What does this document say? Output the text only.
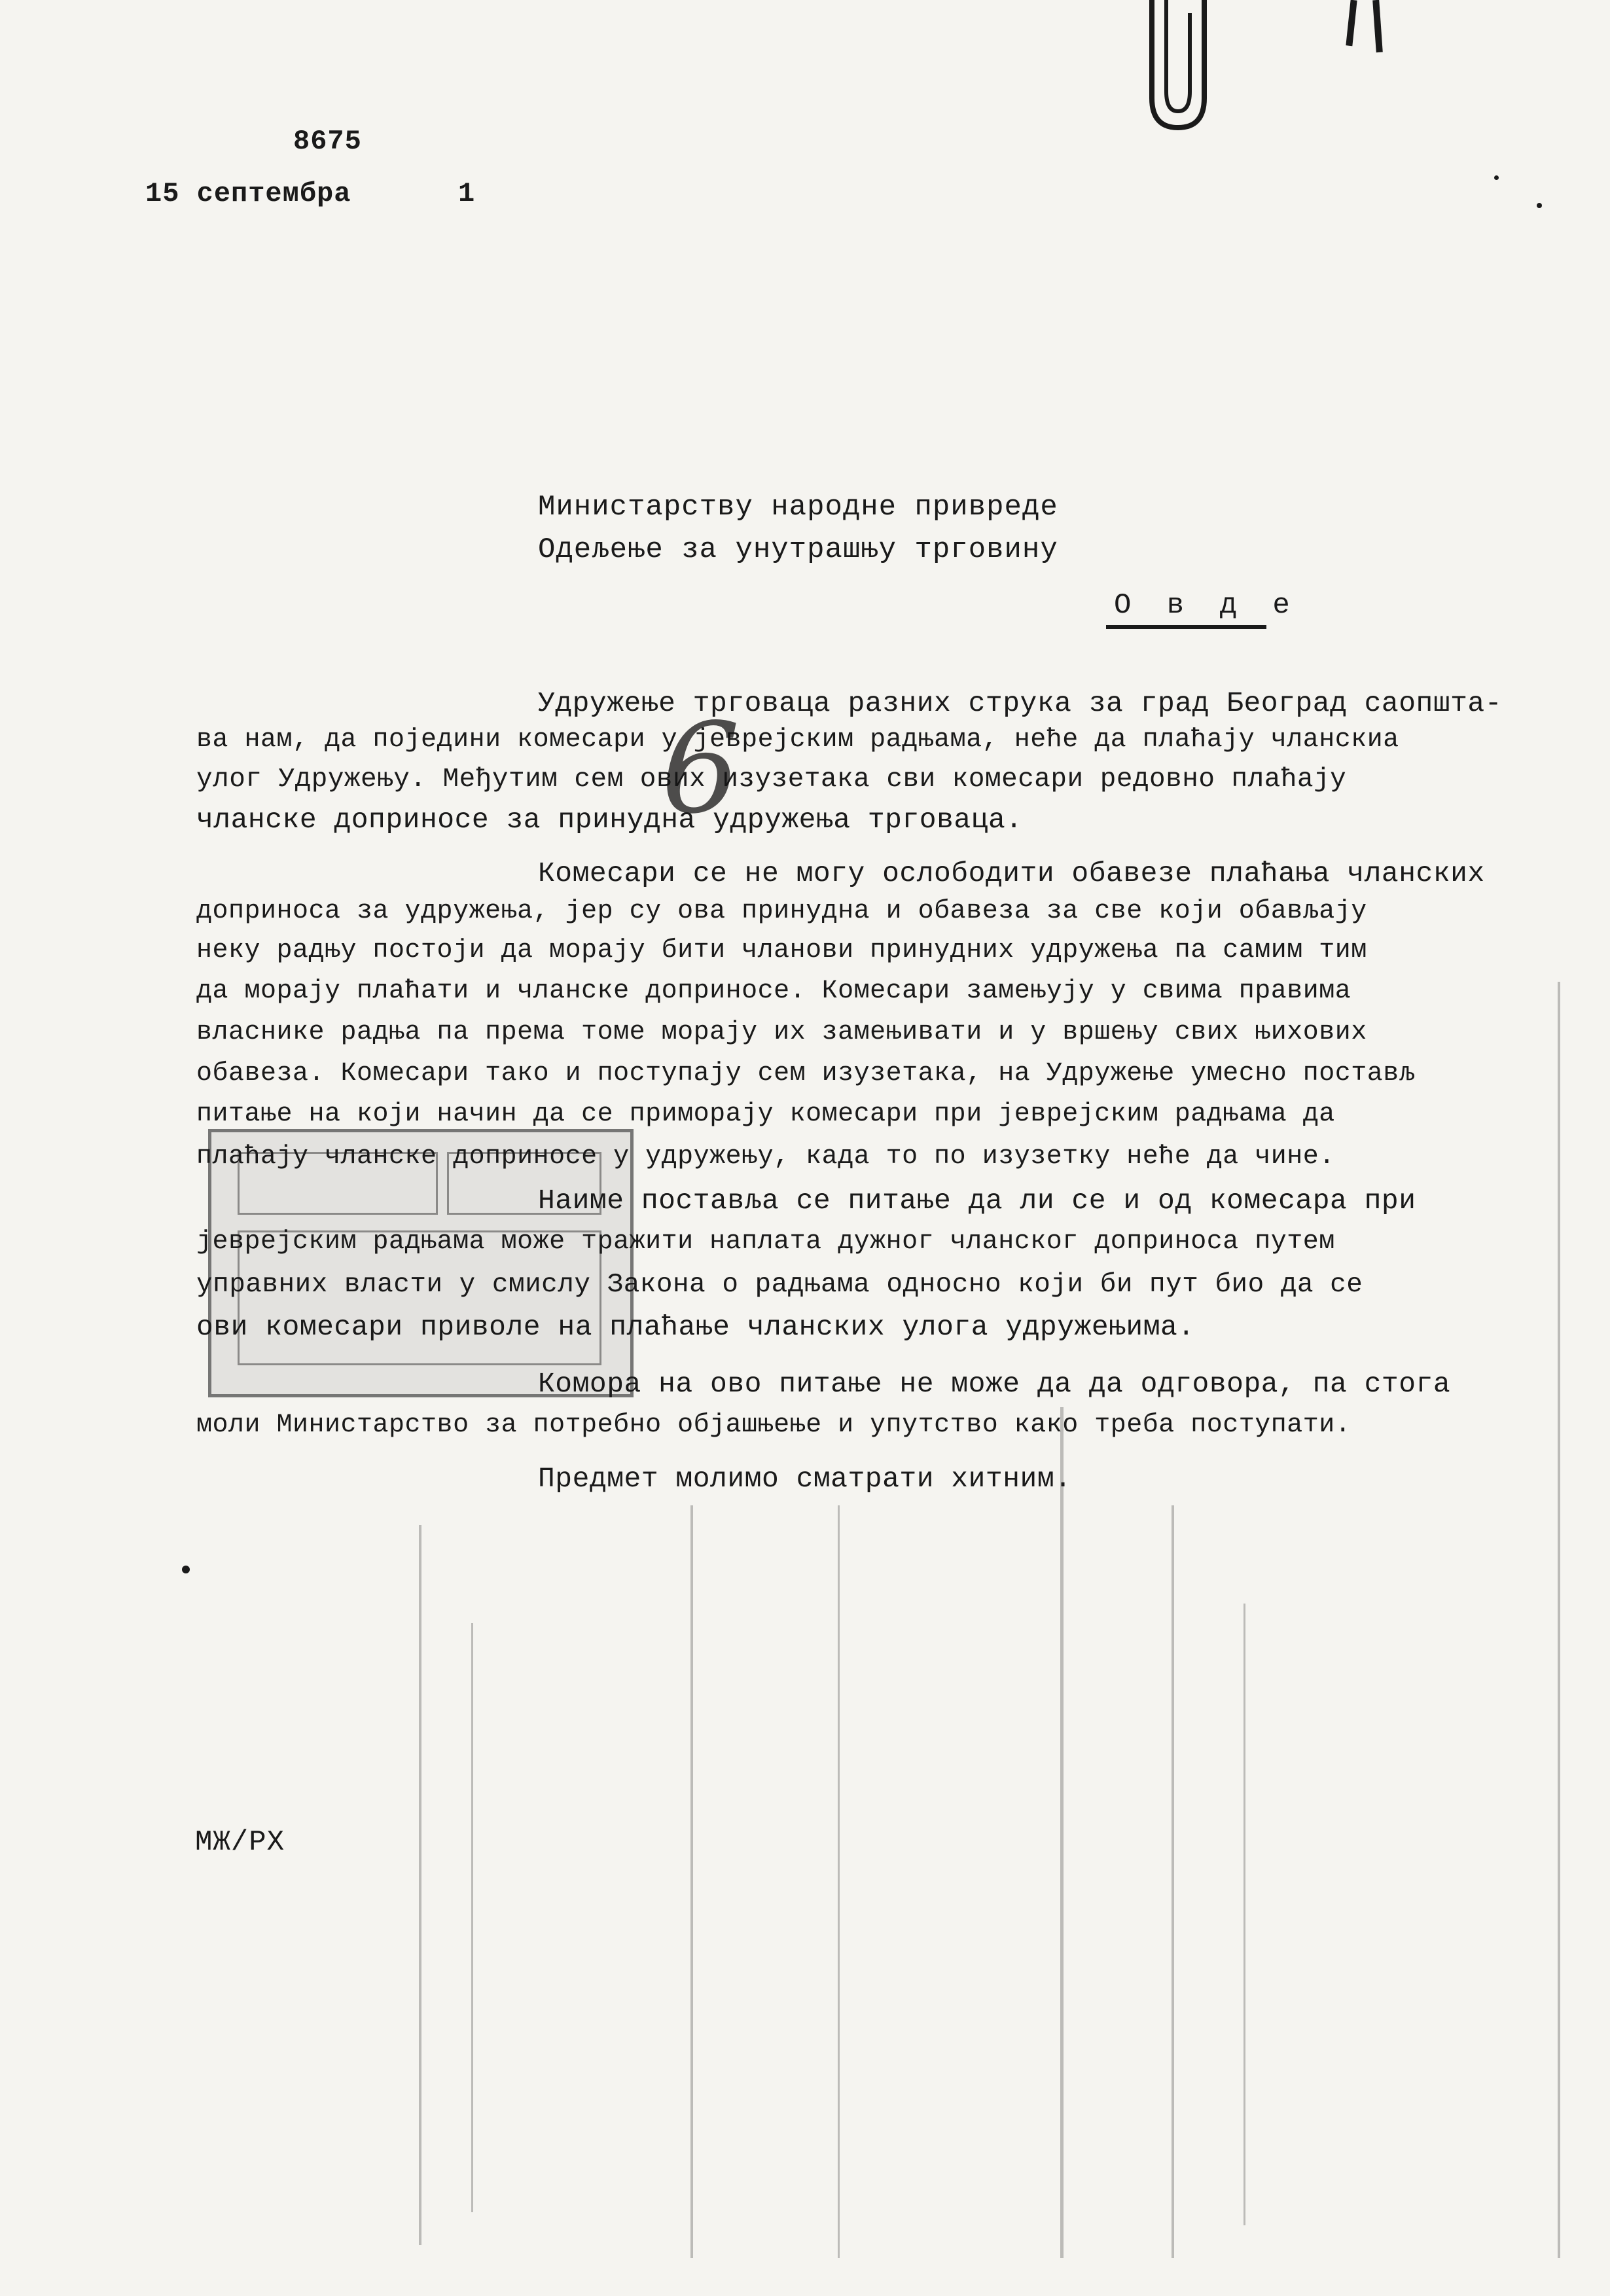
8675
15 септембра	1
Министарству народне привреде
Одељење за унутрашњу трговину
О в д е
Удружење трговаца разних струка за град Београд саопшта-
ва нам, да поједини комесари у јеврејским радњама, неће да плаћају чланскиа
улог Удружењу. Међутим сем ових изузетака сви комесари редовно плаћају
чланске доприносе за принудна удружења трговаца.
Комесари се не могу ослободити обавезе плаћања чланских
доприноса за удружења, јер су ова принудна и обавеза за све који обављају
неку радњу постоји да морају бити чланови принудних удружења па самим тим
да морају плаћати и чланске доприносе. Комесари замењују у свима правима
власнике радња па према томе морају их замењивати и у вршењу свих њихових
обавеза. Комесари тако и поступају сем изузетака, на Удружење умесно постављ
питање на који начин да се приморају комесари при јеврејским радњама да
плаћају чланске доприносе у удружењу, када то по изузетку неће да чине.
Наиме поставља се питање да ли се и од комесара при
јеврејским радњама може тражити наплата дужног чланског доприноса путем
управних власти у смислу Закона о радњама односно који би пут био да се
ови комесари приволе на плаћање чланских улога удружењима.
Комора на ово питање не може да да одговора, па стога
моли Министарство за потребно објашњење и упутство како треба поступати.
Предмет молимо сматрати хитним.
6
МЖ/РХ
